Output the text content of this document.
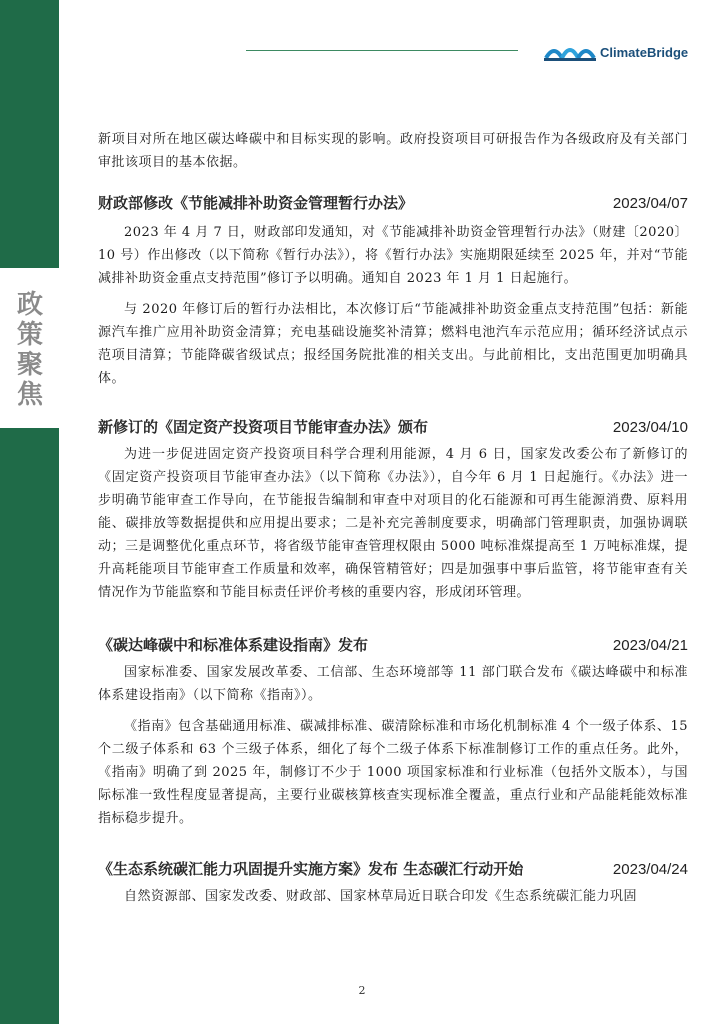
政
策
聚
焦
ClimateBridge

新项目对所在地区碳达峰碳中和目标实现的影响。政府投资项目可研报告作为各级政府及有关部门审批该项目的基本依据。

财政部修改《节能减排补助资金管理暂行办法》	2023/04/07

2023 年 4 月 7 日，财政部印发通知，对《节能减排补助资金管理暂行办法》（财建〔2020〕10 号）作出修改（以下简称《暂行办法》），将《暂行办法》实施期限延续至 2025 年，并对“节能减排补助资金重点支持范围”修订予以明确。通知自 2023 年 1 月 1 日起施行。

与 2020 年修订后的暂行办法相比，本次修订后“节能减排补助资金重点支持范围”包括：新能源汽车推广应用补助资金清算；充电基础设施奖补清算；燃料电池汽车示范应用；循环经济试点示范项目清算；节能降碳省级试点；报经国务院批准的相关支出。与此前相比，支出范围更加明确具体。

新修订的《固定资产投资项目节能审查办法》颁布	2023/04/10

为进一步促进固定资产投资项目科学合理利用能源，4 月 6 日，国家发改委公布了新修订的《固定资产投资项目节能审查办法》（以下简称《办法》），自今年 6 月 1 日起施行。《办法》进一步明确节能审查工作导向，在节能报告编制和审查中对项目的化石能源和可再生能源消费、原料用能、碳排放等数据提供和应用提出要求；二是补充完善制度要求，明确部门管理职责，加强协调联动；三是调整优化重点环节，将省级节能审查管理权限由 5000 吨标准煤提高至 1 万吨标准煤，提升高耗能项目节能审查工作质量和效率，确保管精管好；四是加强事中事后监管，将节能审查有关情况作为节能监察和节能目标责任评价考核的重要内容，形成闭环管理。

《碳达峰碳中和标准体系建设指南》发布	2023/04/21

国家标准委、国家发展改革委、工信部、生态环境部等 11 部门联合发布《碳达峰碳中和标准体系建设指南》（以下简称《指南》）。

《指南》包含基础通用标准、碳减排标准、碳清除标准和市场化机制标准 4 个一级子体系、15 个二级子体系和 63 个三级子体系，细化了每个二级子体系下标准制修订工作的重点任务。此外，《指南》明确了到 2025 年，制修订不少于 1000 项国家标准和行业标准（包括外文版本），与国际标准一致性程度显著提高，主要行业碳核算核查实现标准全覆盖，重点行业和产品能耗能效标准指标稳步提升。

《生态系统碳汇能力巩固提升实施方案》发布 生态碳汇行动开始	2023/04/24

自然资源部、国家发改委、财政部、国家林草局近日联合印发《生态系统碳汇能力巩固

2
